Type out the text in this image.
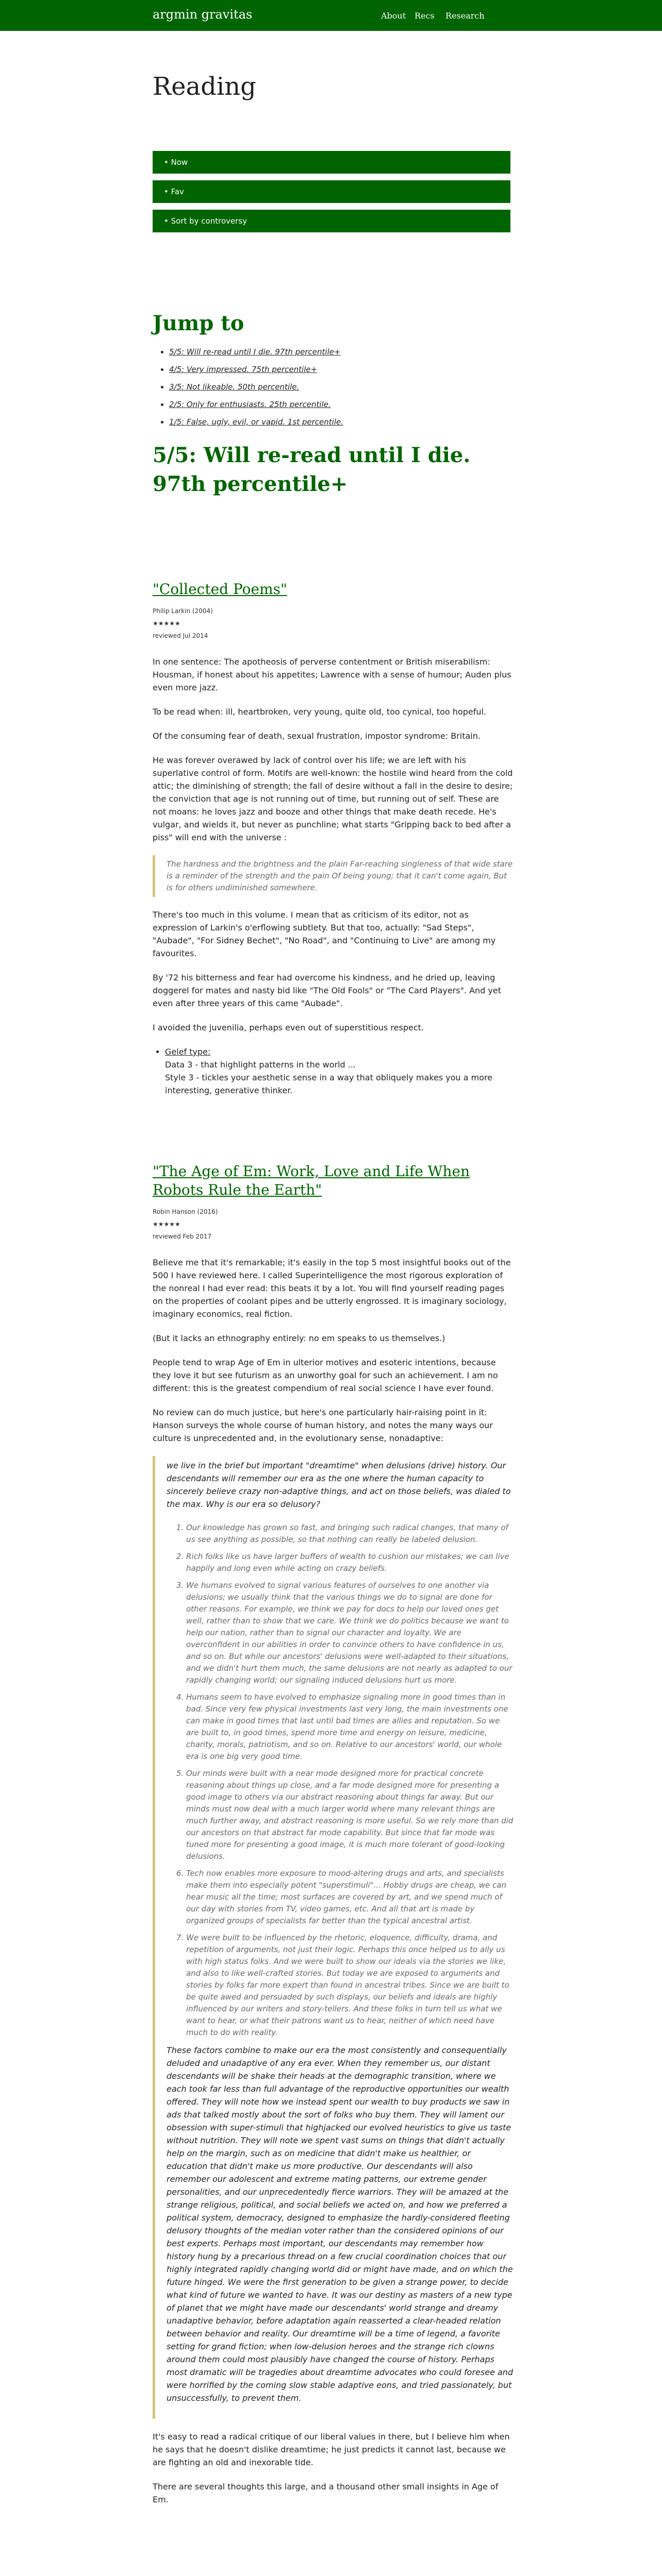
argmin gravitas	About Recs Research
Reading
• Now
• Fav
• Sort by controversy
Jump to
• 5/5: Will re-read until I die. 97th percentile+
• 4/5: Very impressed. 75th percentile+
• 3/5: Not likeable. 50th percentile.
• 2/5: Only for enthusiasts. 25th percentile.
• 1/5: False, ugly, evil, or vapid. 1st percentile.
5/5: Will re-read until I die. 97th percentile+
"Collected Poems"
Philip Larkin (2004)
★★★★★
reviewed Jul 2014

In one sentence: The apotheosis of perverse contentment or British miserabilism: Housman, if honest about his appetites; Lawrence with a sense of humour; Auden plus even more jazz.

To be read when: ill, heartbroken, very young, quite old, too cynical, too hopeful.

Of the consuming fear of death, sexual frustration, impostor syndrome: Britain.

He was forever overawed by lack of control over his life; we are left with his superlative control of form. Motifs are well-known: the hostile wind heard from the cold attic; the diminishing of strength; the fall of desire without a fall in the desire to desire; the conviction that age is not running out of time, but running out of self. These are not moans: he loves jazz and booze and other things that make death recede. He's vulgar, and wields it, but never as punchline; what starts "Gripping back to bed after a piss" will end with the universe :

The hardness and the brightness and the plain Far-reaching singleness of that wide stare is a reminder of the strength and the pain Of being young; that it can't come again, But is for others undiminished somewhere.

There's too much in this volume. I mean that as criticism of its editor, not as expression of Larkin's o'erflowing subtlety. But that too, actually: "Sad Steps", "Aubade", "For Sidney Bechet", "No Road", and "Continuing to Live" are among my favourites.

By '72 his bitterness and fear had overcome his kindness, and he dried up, leaving doggerel for mates and nasty bid like "The Old Fools" or "The Card Players". And yet even after three years of this came "Aubade".

I avoided the juvenilia, perhaps even out of superstitious respect.

• Gelef type:
Data 3 - that highlight patterns in the world ...
Style 3 - tickles your aesthetic sense in a way that obliquely makes you a more interesting, generative thinker.
"The Age of Em: Work, Love and Life When Robots Rule the Earth"
Robin Hanson (2016)
★★★★★
reviewed Feb 2017

Believe me that it's remarkable; it's easily in the top 5 most insightful books out of the 500 I have reviewed here. I called Superintelligence the most rigorous exploration of the nonreal I had ever read: this beats it by a lot. You will find yourself reading pages on the properties of coolant pipes and be utterly engrossed. It is imaginary sociology, imaginary economics, real fiction.

(But it lacks an ethnography entirely: no em speaks to us themselves.)

People tend to wrap Age of Em in ulterior motives and esoteric intentions, because they love it but see futurism as an unworthy goal for such an achievement. I am no different: this is the greatest compendium of real social science I have ever found.

No review can do much justice, but here's one particularly hair-raising point in it: Hanson surveys the whole course of human history, and notes the many ways our culture is unprecedented and, in the evolutionary sense, nonadaptive:

we live in the brief but important "dreamtime" when delusions (drive) history. Our descendants will remember our era as the one where the human capacity to sincerely believe crazy non-adaptive things, and act on those beliefs, was dialed to the max. Why is our era so delusory?

1. Our knowledge has grown so fast, and bringing such radical changes, that many of us see anything as possible, so that nothing can really be labeled delusion.
2. Rich folks like us have larger buffers of wealth to cushion our mistakes; we can live happily and long even while acting on crazy beliefs.
3. We humans evolved to signal various features of ourselves to one another via delusions; we usually think that the various things we do to signal are done for other reasons. For example, we think we pay for docs to help our loved ones get well, rather than to show that we care. We think we do politics because we want to help our nation, rather than to signal our character and loyalty. We are overconfident in our abilities in order to convince others to have confidence in us, and so on. But while our ancestors' delusions were well-adapted to their situations, and we didn't hurt them much, the same delusions are not nearly as adapted to our rapidly changing world; our signaling induced delusions hurt us more.
4. Humans seem to have evolved to emphasize signaling more in good times than in bad. Since very few physical investments last very long, the main investments one can make in good times that last until bad times are allies and reputation. So we are built to, in good times, spend more time and energy on leisure, medicine, charity, morals, patriotism, and so on. Relative to our ancestors' world, our whole era is one big very good time.
5. Our minds were built with a near mode designed more for practical concrete reasoning about things up close, and a far mode designed more for presenting a good image to others via our abstract reasoning about things far away. But our minds must now deal with a much larger world where many relevant things are much further away, and abstract reasoning is more useful. So we rely more than did our ancestors on that abstract far mode capability. But since that far mode was tuned more for presenting a good image, it is much more tolerant of good-looking delusions.
6. Tech now enables more exposure to mood-altering drugs and arts, and specialists make them into especially potent "superstimuli"... Hobby drugs are cheap, we can hear music all the time; most surfaces are covered by art, and we spend much of our day with stories from TV, video games, etc. And all that art is made by organized groups of specialists far better than the typical ancestral artist.
7. We were built to be influenced by the rhetoric, eloquence, difficulty, drama, and repetition of arguments, not just their logic. Perhaps this once helped us to ally us with high status folks. And we were built to show our ideals via the stories we like, and also to like well-crafted stories. But today we are exposed to arguments and stories by folks far more expert than found in ancestral tribes. Since we are built to be quite awed and persuaded by such displays, our beliefs and ideals are highly influenced by our writers and story-tellers. And these folks in turn tell us what we want to hear, or what their patrons want us to hear, neither of which need have much to do with reality.

These factors combine to make our era the most consistently and consequentially deluded and unadaptive of any era ever. When they remember us, our distant descendants will be shake their heads at the demographic transition, where we each took far less than full advantage of the reproductive opportunities our wealth offered. They will note how we instead spent our wealth to buy products we saw in ads that talked mostly about the sort of folks who buy them. They will lament our obsession with super-stimuli that highjacked our evolved heuristics to give us taste without nutrition. They will note we spent vast sums on things that didn't actually help on the margin, such as on medicine that didn't make us healthier, or education that didn't make us more productive. Our descendants will also remember our adolescent and extreme mating patterns, our extreme gender personalities, and our unprecedentedly fierce warriors. They will be amazed at the strange religious, political, and social beliefs we acted on, and how we preferred a political system, democracy, designed to emphasize the hardly-considered fleeting delusory thoughts of the median voter rather than the considered opinions of our best experts. Perhaps most important, our descendants may remember how history hung by a precarious thread on a few crucial coordination choices that our highly integrated rapidly changing world did or might have made, and on which the future hinged. We were the first generation to be given a strange power, to decide what kind of future we wanted to have. It was our destiny as masters of a new type of planet that we might have made our descendants' world strange and dreamy unadaptive behavior, before adaptation again reasserted a clear-headed relation between behavior and reality. Our dreamtime will be a time of legend, a favorite setting for grand fiction; when low-delusion heroes and the strange rich clowns around them could most plausibly have changed the course of history. Perhaps most dramatic will be tragedies about dreamtime advocates who could foresee and were horrified by the coming slow stable adaptive eons, and tried passionately, but unsuccessfully, to prevent them.

It's easy to read a radical critique of our liberal values in there, but I believe him when he says that he doesn't dislike dreamtime; he just predicts it cannot last, because we are fighting an old and inexorable tide.

There are several thoughts this large, and a thousand other small insights in Age of Em.
